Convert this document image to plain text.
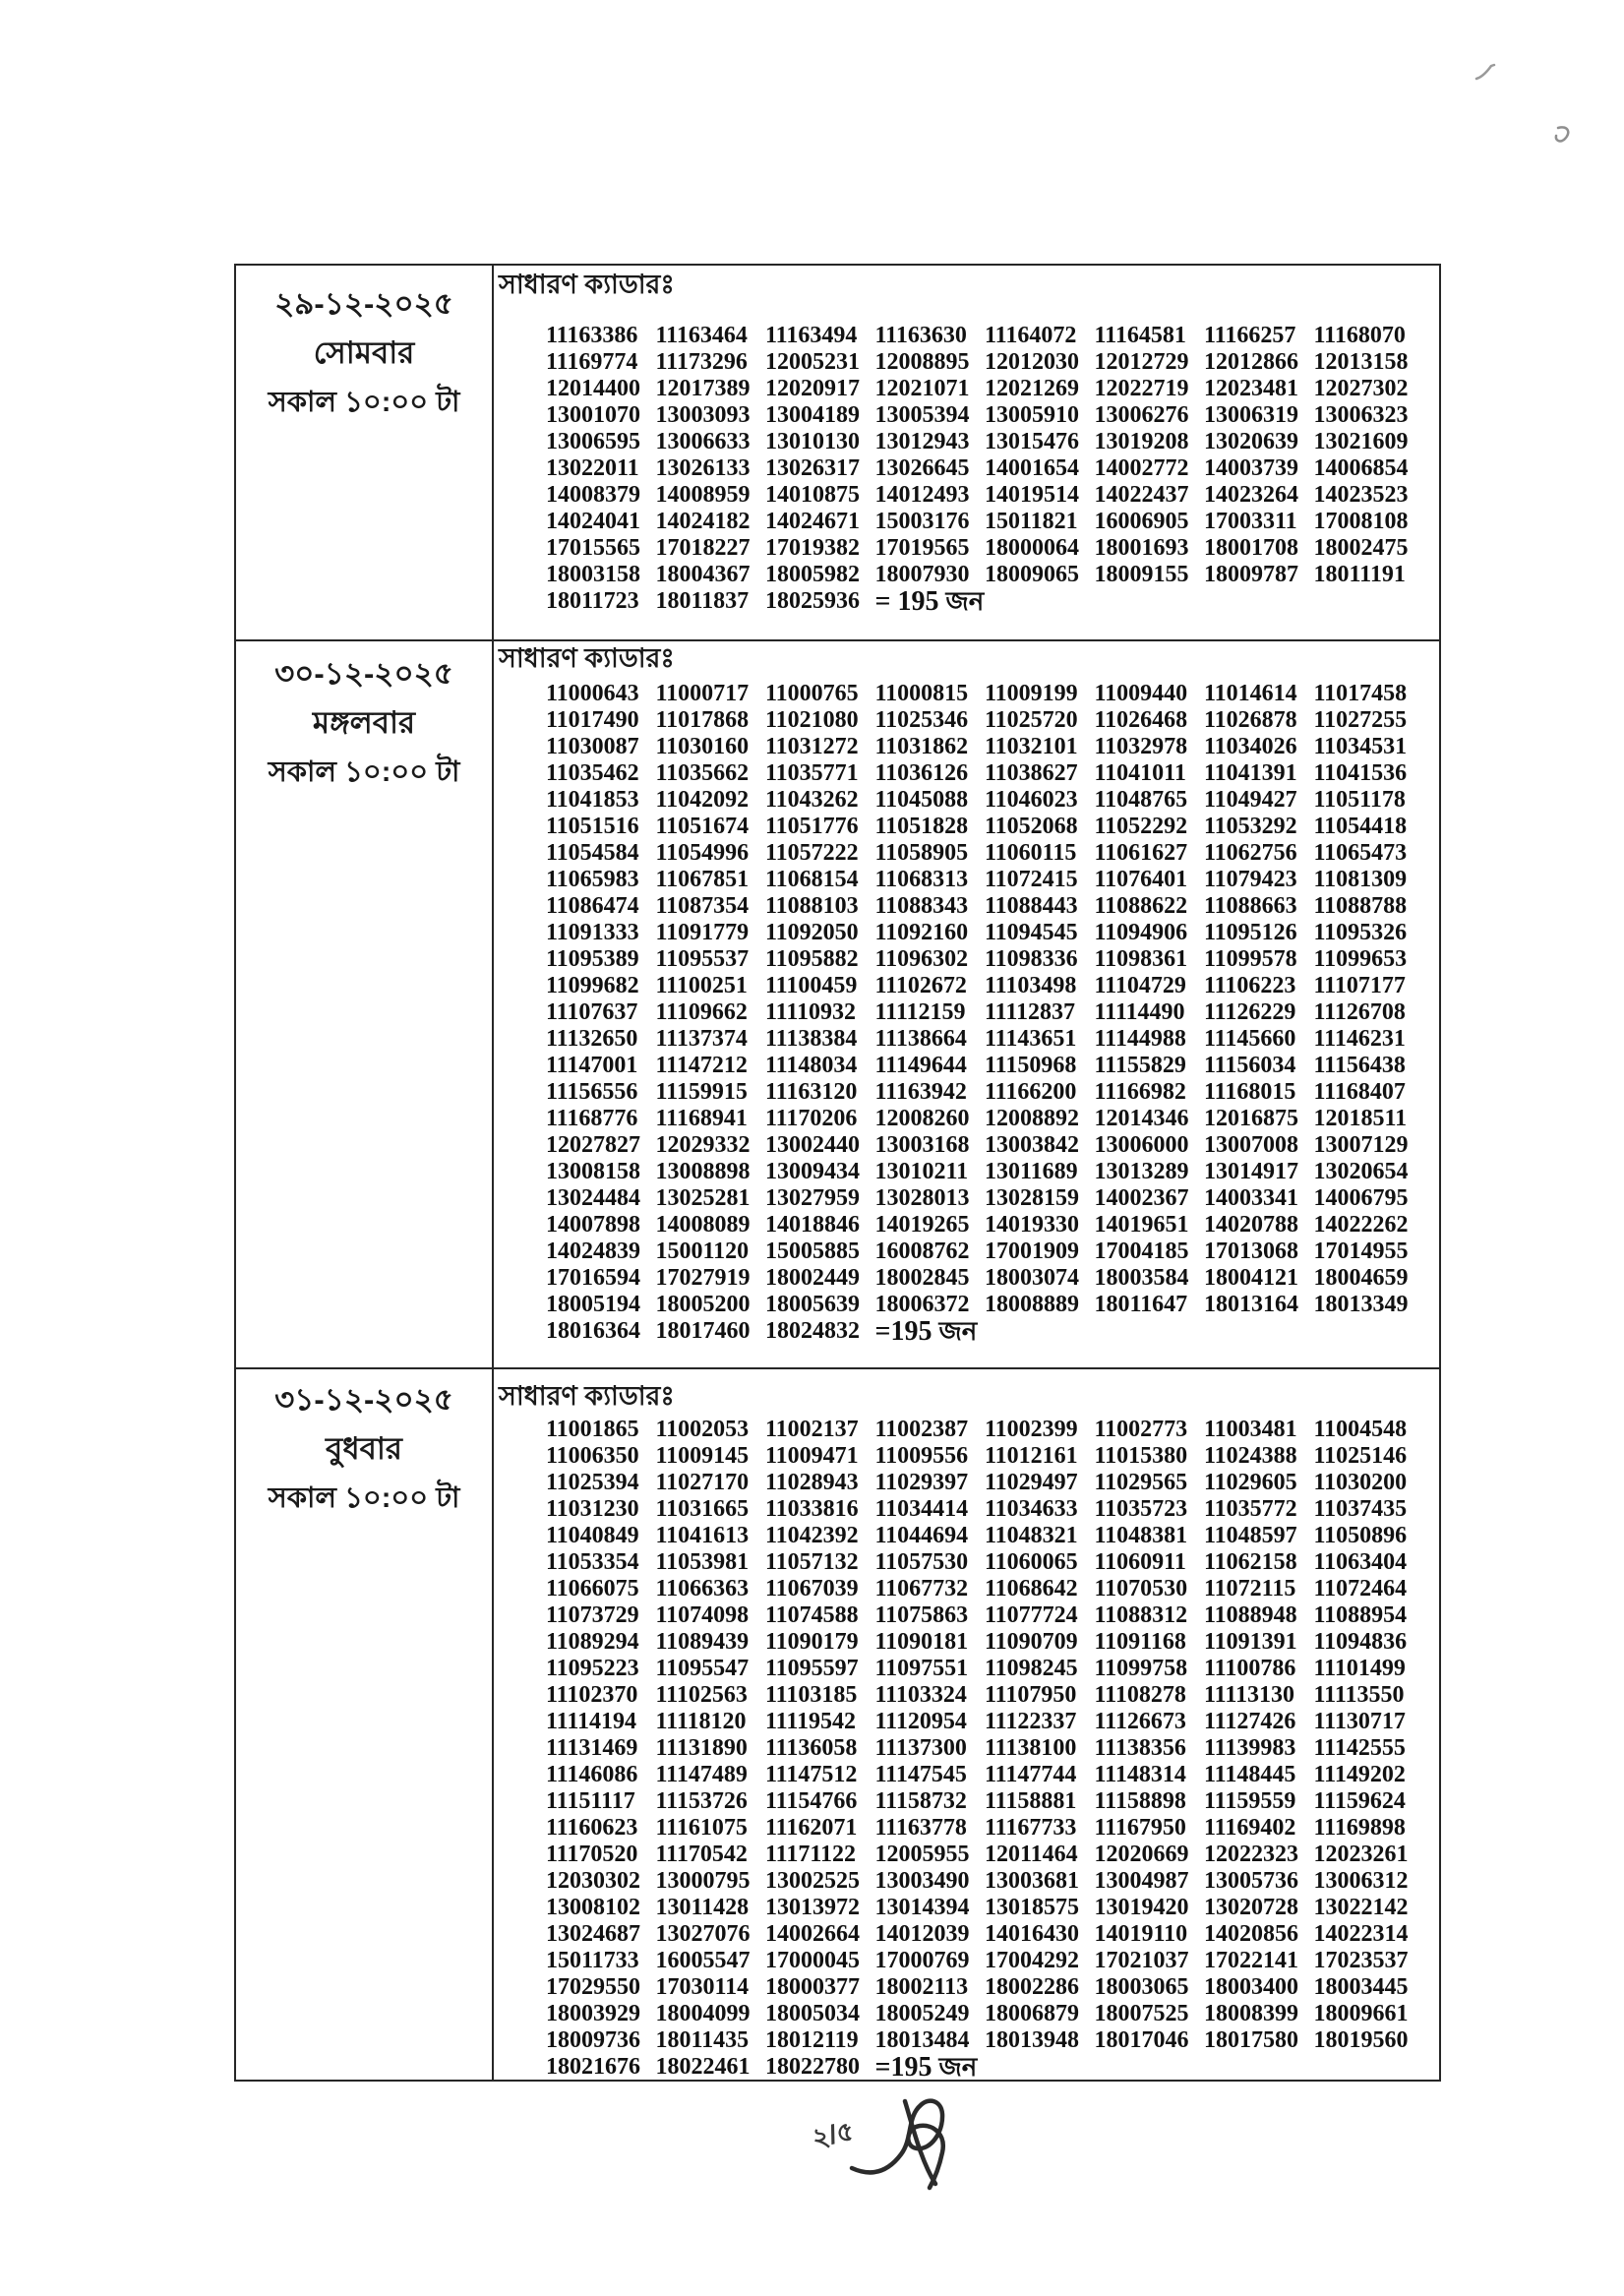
২৯-১২-২০২৫
সোমবার
সকাল ১০:০০ টা
সাধারণ ক্যাডারঃ
11163386 11163464 11163494 11163630 11164072 11164581 11166257 11168070
11169774 11173296 12005231 12008895 12012030 12012729 12012866 12013158
12014400 12017389 12020917 12021071 12021269 12022719 12023481 12027302
13001070 13003093 13004189 13005394 13005910 13006276 13006319 13006323
13006595 13006633 13010130 13012943 13015476 13019208 13020639 13021609
13022011 13026133 13026317 13026645 14001654 14002772 14003739 14006854
14008379 14008959 14010875 14012493 14019514 14022437 14023264 14023523
14024041 14024182 14024671 15003176 15011821 16006905 17003311 17008108
17015565 17018227 17019382 17019565 18000064 18001693 18001708 18002475
18003158 18004367 18005982 18007930 18009065 18009155 18009787 18011191
18011723 18011837 18025936 = 195 জন
৩০-১২-২০২৫
মঙ্গলবার
সকাল ১০:০০ টা
সাধারণ ক্যাডারঃ
11000643 11000717 11000765 11000815 11009199 11009440 11014614 11017458
11017490 11017868 11021080 11025346 11025720 11026468 11026878 11027255
11030087 11030160 11031272 11031862 11032101 11032978 11034026 11034531
11035462 11035662 11035771 11036126 11038627 11041011 11041391 11041536
11041853 11042092 11043262 11045088 11046023 11048765 11049427 11051178
11051516 11051674 11051776 11051828 11052068 11052292 11053292 11054418
11054584 11054996 11057222 11058905 11060115 11061627 11062756 11065473
11065983 11067851 11068154 11068313 11072415 11076401 11079423 11081309
11086474 11087354 11088103 11088343 11088443 11088622 11088663 11088788
11091333 11091779 11092050 11092160 11094545 11094906 11095126 11095326
11095389 11095537 11095882 11096302 11098336 11098361 11099578 11099653
11099682 11100251 11100459 11102672 11103498 11104729 11106223 11107177
11107637 11109662 11110932 11112159 11112837 11114490 11126229 11126708
11132650 11137374 11138384 11138664 11143651 11144988 11145660 11146231
11147001 11147212 11148034 11149644 11150968 11155829 11156034 11156438
11156556 11159915 11163120 11163942 11166200 11166982 11168015 11168407
11168776 11168941 11170206 12008260 12008892 12014346 12016875 12018511
12027827 12029332 13002440 13003168 13003842 13006000 13007008 13007129
13008158 13008898 13009434 13010211 13011689 13013289 13014917 13020654
13024484 13025281 13027959 13028013 13028159 14002367 14003341 14006795
14007898 14008089 14018846 14019265 14019330 14019651 14020788 14022262
14024839 15001120 15005885 16008762 17001909 17004185 17013068 17014955
17016594 17027919 18002449 18002845 18003074 18003584 18004121 18004659
18005194 18005200 18005639 18006372 18008889 18011647 18013164 18013349
18016364 18017460 18024832 =195 জন
৩১-১২-২০২৫
বুধবার
সকাল ১০:০০ টা
সাধারণ ক্যাডারঃ
11001865 11002053 11002137 11002387 11002399 11002773 11003481 11004548
11006350 11009145 11009471 11009556 11012161 11015380 11024388 11025146
11025394 11027170 11028943 11029397 11029497 11029565 11029605 11030200
11031230 11031665 11033816 11034414 11034633 11035723 11035772 11037435
11040849 11041613 11042392 11044694 11048321 11048381 11048597 11050896
11053354 11053981 11057132 11057530 11060065 11060911 11062158 11063404
11066075 11066363 11067039 11067732 11068642 11070530 11072115 11072464
11073729 11074098 11074588 11075863 11077724 11088312 11088948 11088954
11089294 11089439 11090179 11090181 11090709 11091168 11091391 11094836
11095223 11095547 11095597 11097551 11098245 11099758 11100786 11101499
11102370 11102563 11103185 11103324 11107950 11108278 11113130 11113550
11114194 11118120 11119542 11120954 11122337 11126673 11127426 11130717
11131469 11131890 11136058 11137300 11138100 11138356 11139983 11142555
11146086 11147489 11147512 11147545 11147744 11148314 11148445 11149202
11151117 11153726 11154766 11158732 11158881 11158898 11159559 11159624
11160623 11161075 11162071 11163778 11167733 11167950 11169402 11169898
11170520 11170542 11171122 12005955 12011464 12020669 12022323 12023261
12030302 13000795 13002525 13003490 13003681 13004987 13005736 13006312
13008102 13011428 13013972 13014394 13018575 13019420 13020728 13022142
13024687 13027076 14002664 14012039 14016430 14019110 14020856 14022314
15011733 16005547 17000045 17000769 17004292 17021037 17022141 17023537
17029550 17030114 18000377 18002113 18002286 18003065 18003400 18003445
18003929 18004099 18005034 18005249 18006879 18007525 18008399 18009661
18009736 18011435 18012119 18013484 18013948 18017046 18017580 18019560
18021676 18022461 18022780 =195 জন
২/৫
